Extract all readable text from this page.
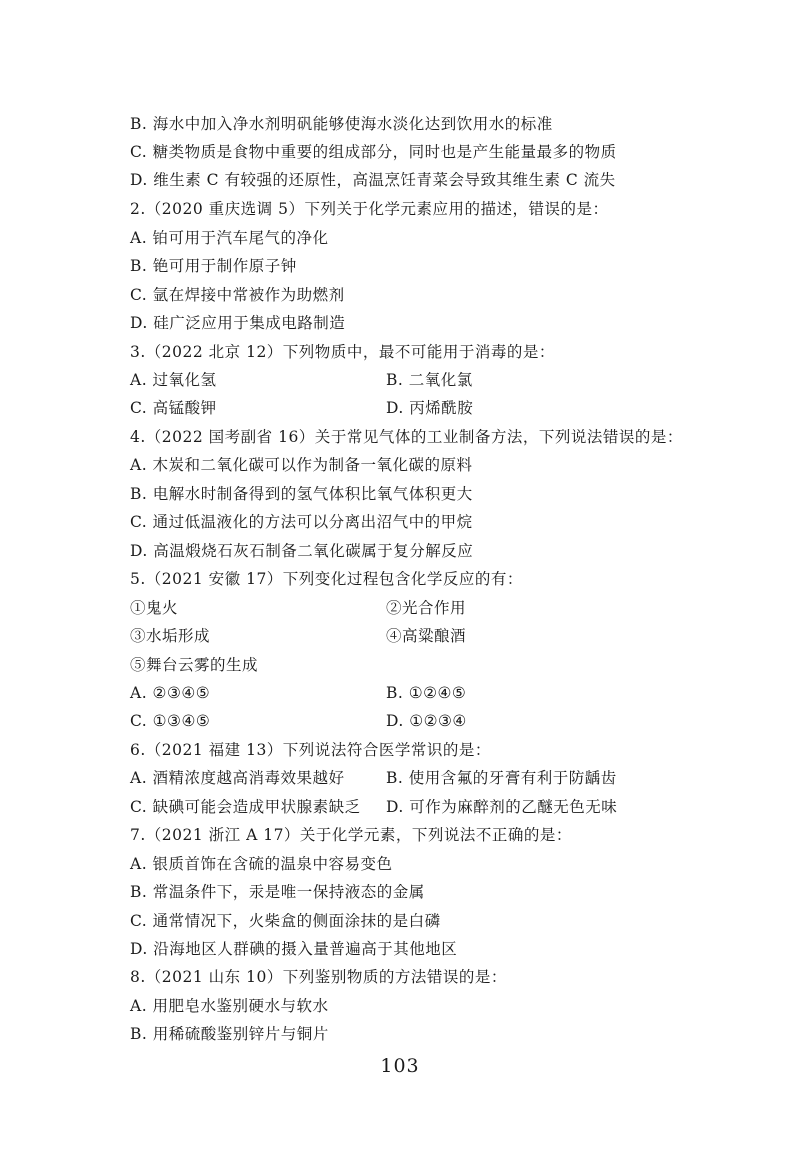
B. 海水中加入净水剂明矾能够使海水淡化达到饮用水的标准
C. 糖类物质是食物中重要的组成部分，同时也是产生能量最多的物质
D. 维生素 C 有较强的还原性，高温烹饪青菜会导致其维生素 C 流失
2.（2020 重庆选调 5）下列关于化学元素应用的描述，错误的是：
A. 铂可用于汽车尾气的净化
B. 铯可用于制作原子钟
C. 氩在焊接中常被作为助燃剂
D. 硅广泛应用于集成电路制造
3.（2022 北京 12）下列物质中，最不可能用于消毒的是：
A. 过氧化氢	B. 二氧化氯
C. 高锰酸钾	D. 丙烯酰胺
4.（2022 国考副省 16）关于常见气体的工业制备方法，下列说法错误的是：
A. 木炭和二氧化碳可以作为制备一氧化碳的原料
B. 电解水时制备得到的氢气体积比氧气体积更大
C. 通过低温液化的方法可以分离出沼气中的甲烷
D. 高温煅烧石灰石制备二氧化碳属于复分解反应
5.（2021 安徽 17）下列变化过程包含化学反应的有：
①鬼火	②光合作用
③水垢形成	④高粱酿酒
⑤舞台云雾的生成
A. ②③④⑤	B. ①②④⑤
C. ①③④⑤	D. ①②③④
6.（2021 福建 13）下列说法符合医学常识的是：
A. 酒精浓度越高消毒效果越好	B. 使用含氟的牙膏有利于防龋齿
C. 缺碘可能会造成甲状腺素缺乏 D. 可作为麻醉剂的乙醚无色无味
7.（2021 浙江 A 17）关于化学元素，下列说法不正确的是：
A. 银质首饰在含硫的温泉中容易变色
B. 常温条件下，汞是唯一保持液态的金属
C. 通常情况下，火柴盒的侧面涂抹的是白磷
D. 沿海地区人群碘的摄入量普遍高于其他地区
8.（2021 山东 10）下列鉴别物质的方法错误的是：
A. 用肥皂水鉴别硬水与软水
B. 用稀硫酸鉴别锌片与铜片
103
